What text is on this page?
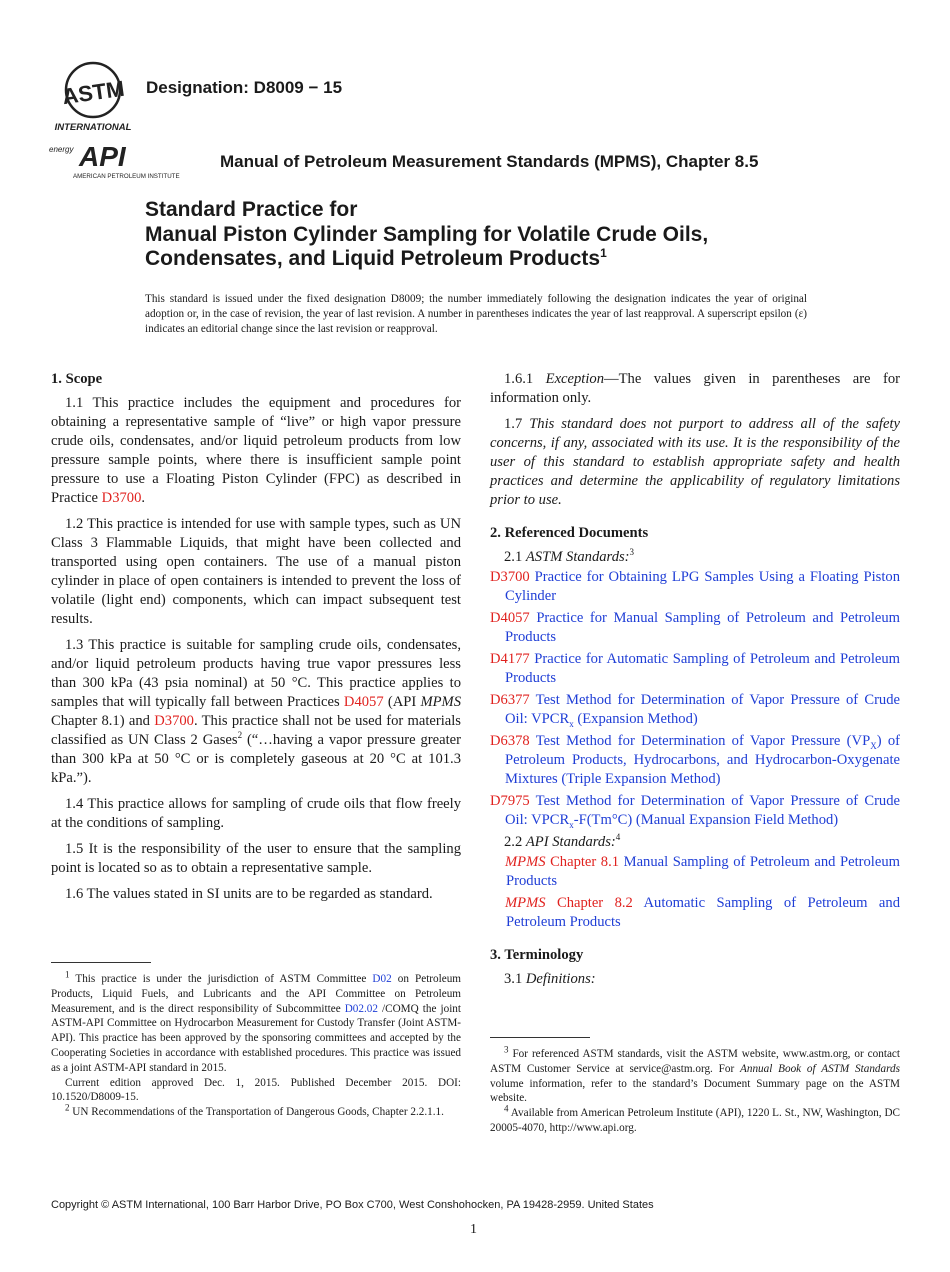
ASTM
INTERNATIONAL
energy API
AMERICAN PETROLEUM INSTITUTE
Designation: D8009 − 15
Manual of Petroleum Measurement Standards (MPMS), Chapter 8.5
Standard Practice for
Manual Piston Cylinder Sampling for Volatile Crude Oils,
Condensates, and Liquid Petroleum Products$^1$
This standard is issued under the fixed designation D8009; the number immediately following the designation indicates the year of original adoption or, in the case of revision, the year of last revision. A number in parentheses indicates the year of last reapproval. A superscript epsilon (ε) indicates an editorial change since the last revision or reapproval.
1. Scope

1.1 This practice includes the equipment and procedures for obtaining a representative sample of “live” or high vapor pressure crude oils, condensates, and/or liquid petroleum products from low pressure sample points, where there is insufficient sample point pressure to use a Floating Piston Cylinder (FPC) as described in Practice D3700.

1.2 This practice is intended for use with sample types, such as UN Class 3 Flammable Liquids, that might have been collected and transported using open containers. The use of a manual piston cylinder in place of open containers is intended to prevent the loss of volatile (light end) components, which can impact subsequent test results.

1.3 This practice is suitable for sampling crude oils, condensates, and/or liquid petroleum products having true vapor pressures less than 300 kPa (43 psia nominal) at 50 °C. This practice applies to samples that will typically fall between Practices D4057 (API MPMS Chapter 8.1) and D3700. This practice shall not be used for materials classified as UN Class 2 Gases$^2$ (“…having a vapor pressure greater than 300 kPa at 50 °C or is completely gaseous at 20 °C at 101.3 kPa.”).

1.4 This practice allows for sampling of crude oils that flow freely at the conditions of sampling.

1.5 It is the responsibility of the user to ensure that the sampling point is located so as to obtain a representative sample.

1.6 The values stated in SI units are to be regarded as standard.

$^1$ This practice is under the jurisdiction of ASTM Committee D02 on Petroleum Products, Liquid Fuels, and Lubricants and the API Committee on Petroleum Measurement, and is the direct responsibility of Subcommittee D02.02 /COMQ the joint ASTM-API Committee on Hydrocarbon Measurement for Custody Transfer (Joint ASTM-API). This practice has been approved by the sponsoring committees and accepted by the Cooperating Societies in accordance with established procedures. This practice was issued as a joint ASTM-API standard in 2015.

Current edition approved Dec. 1, 2015. Published December 2015. DOI: 10.1520/D8009-15.

$^2$ UN Recommendations of the Transportation of Dangerous Goods, Chapter 2.2.1.1.

1.6.1 Exception—The values given in parentheses are for information only.

1.7 This standard does not purport to address all of the safety concerns, if any, associated with its use. It is the responsibility of the user of this standard to establish appropriate safety and health practices and determine the applicability of regulatory limitations prior to use.

2. Referenced Documents

2.1 ASTM Standards:$^3$

D3700 Practice for Obtaining LPG Samples Using a Floating Piston Cylinder

D4057 Practice for Manual Sampling of Petroleum and Petroleum Products

D4177 Practice for Automatic Sampling of Petroleum and Petroleum Products

D6377 Test Method for Determination of Vapor Pressure of Crude Oil: $VPCR_x$ (Expansion Method)

D6378 Test Method for Determination of Vapor Pressure $(VP_X)$ of Petroleum Products, Hydrocarbons, and Hydrocarbon-Oxygenate Mixtures (Triple Expansion Method)

D7975 Test Method for Determination of Vapor Pressure of Crude Oil: $VPCR_x-F(Tm^\circ C)$ (Manual Expansion Field Method)

2.2 API Standards:$^4$

MPMS Chapter 8.1 Manual Sampling of Petroleum and Petroleum Products

MPMS Chapter 8.2 Automatic Sampling of Petroleum and Petroleum Products

3. Terminology

3.1 Definitions:

$^3$ For referenced ASTM standards, visit the ASTM website, www.astm.org, or contact ASTM Customer Service at service@astm.org. For Annual Book of ASTM Standards volume information, refer to the standard’s Document Summary page on the ASTM website.

$^4$ Available from American Petroleum Institute (API), 1220 L. St., NW, Washington, DC 20005-4070, http://www.api.org.

Copyright © ASTM International, 100 Barr Harbor Drive, PO Box C700, West Conshohocken, PA 19428-2959. United States
1
